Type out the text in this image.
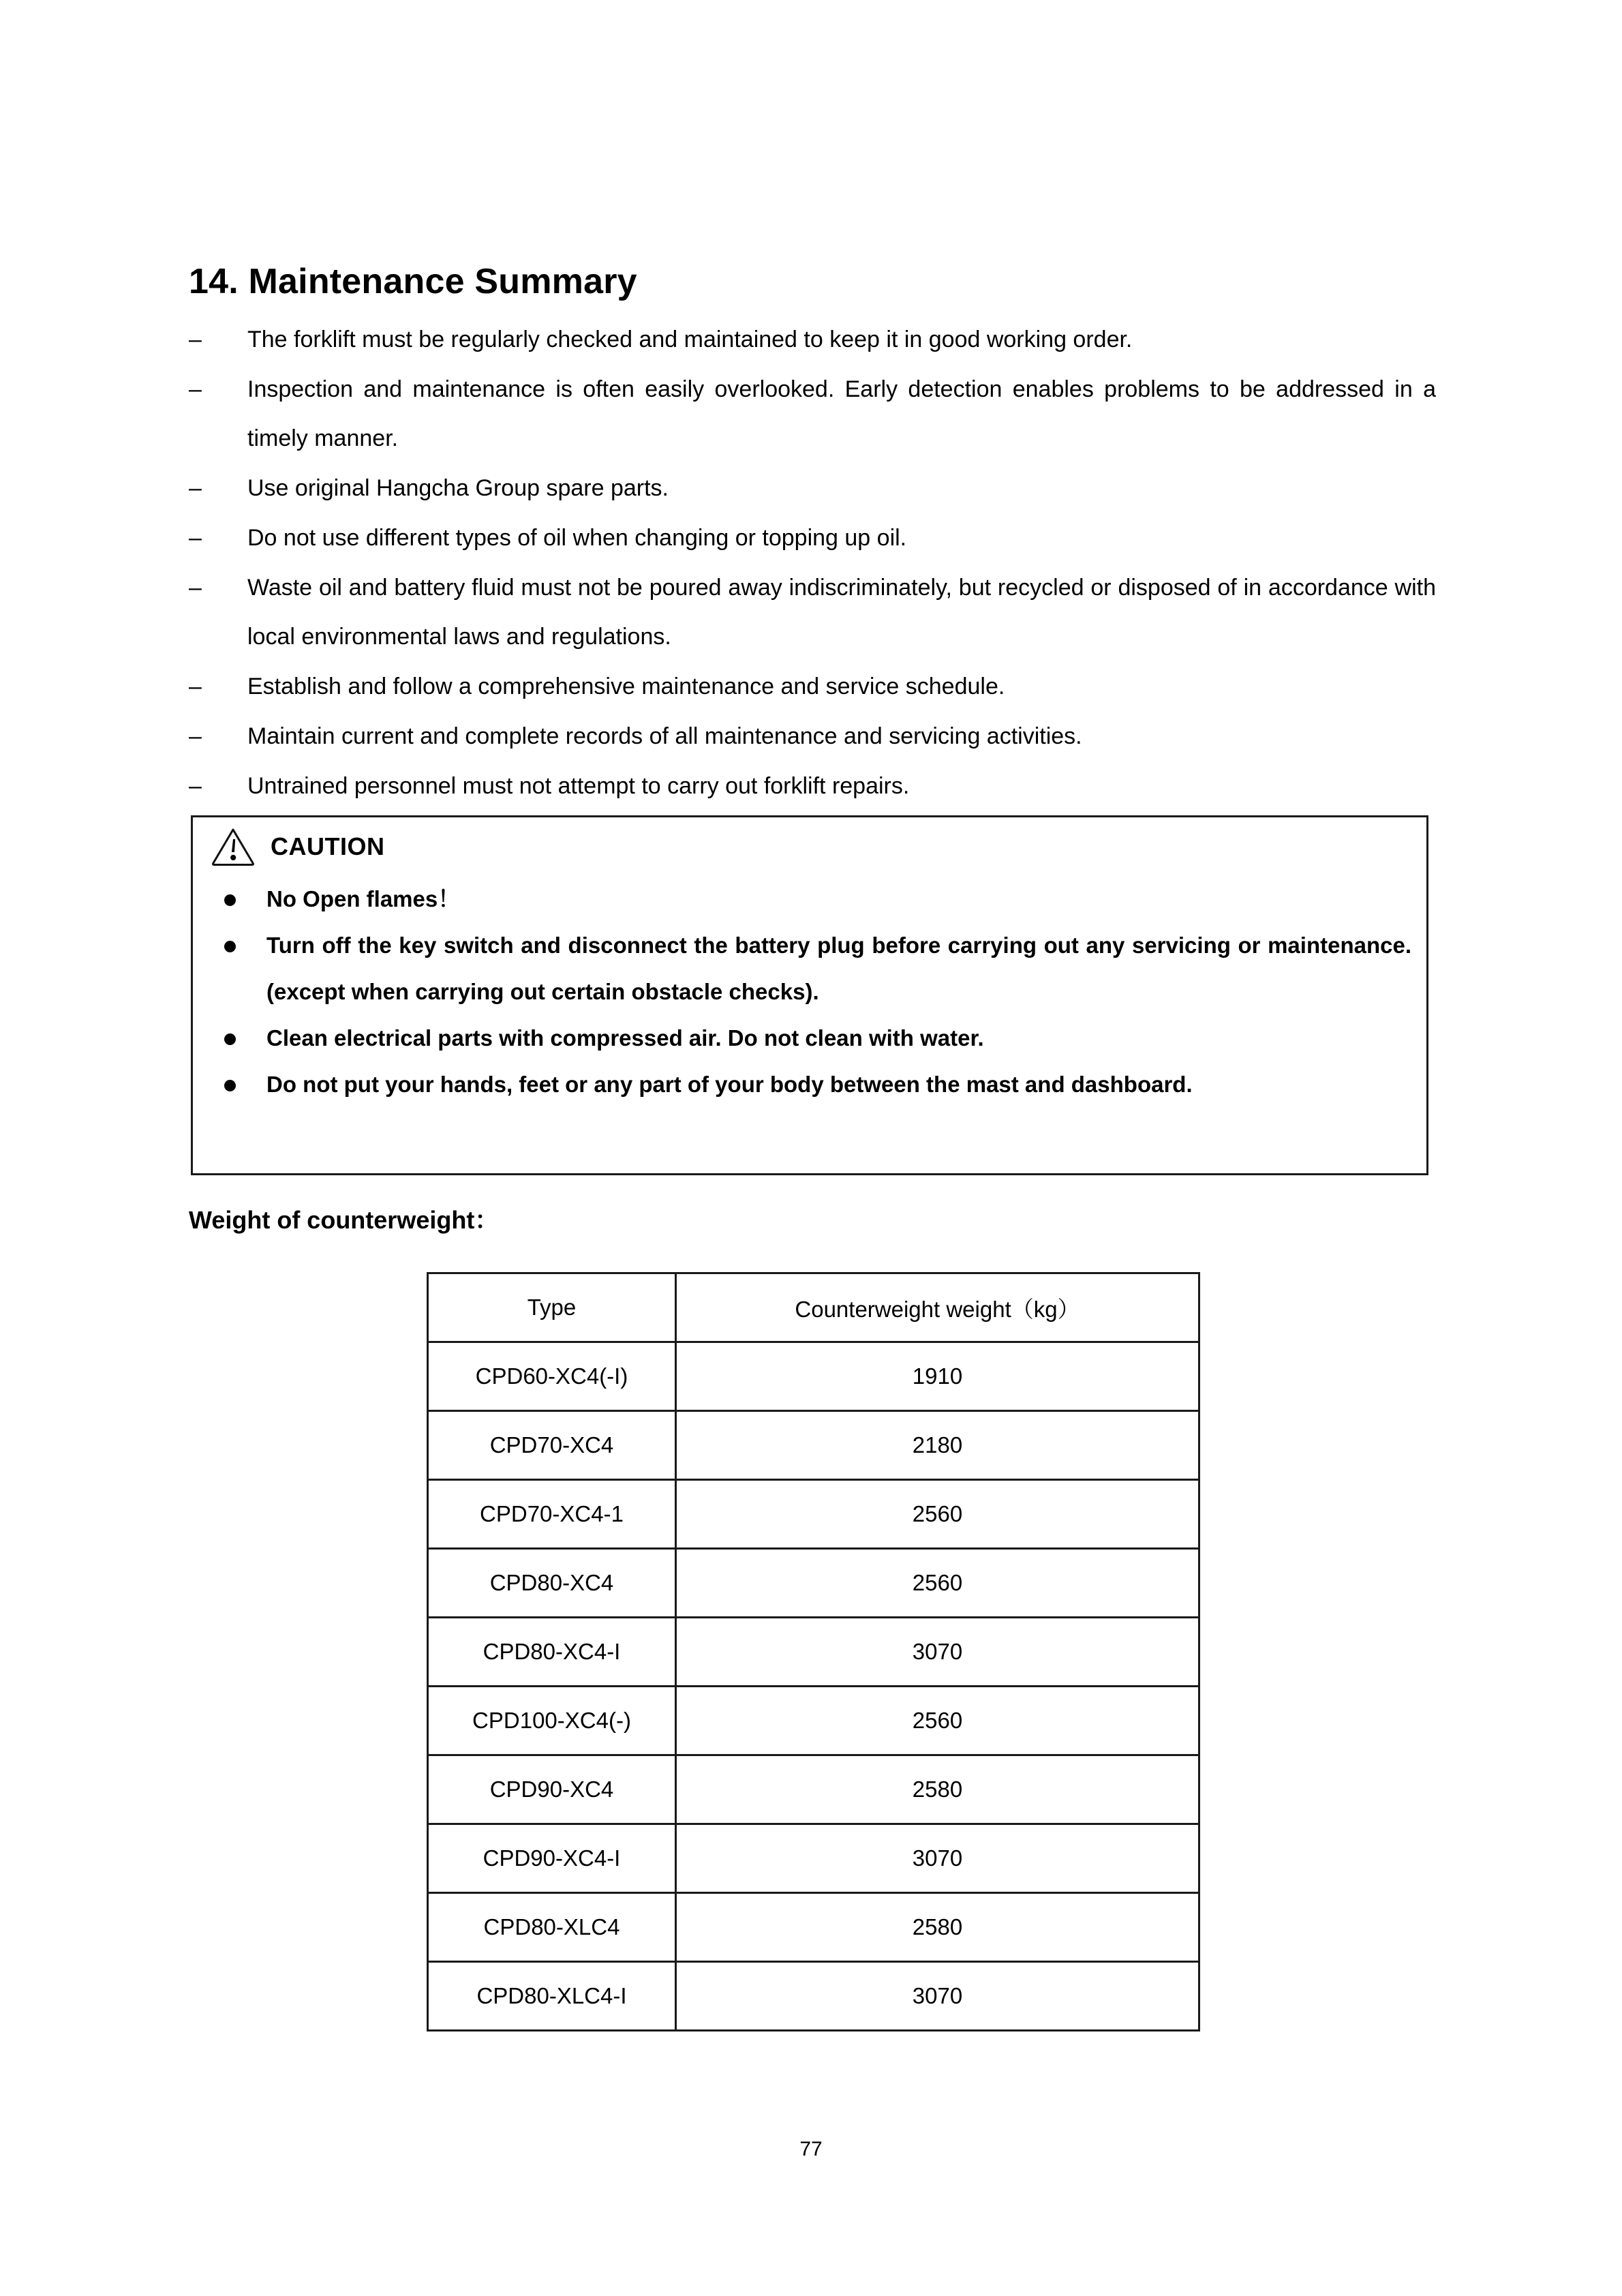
14. Maintenance Summary
– The forklift must be regularly checked and maintained to keep it in good working order.
– Inspection and maintenance is often easily overlooked. Early detection enables problems to be addressed in a timely manner.
– Use original Hangcha Group spare parts.
– Do not use different types of oil when changing or topping up oil.
– Waste oil and battery fluid must not be poured away indiscriminately, but recycled or disposed of in accordance with local environmental laws and regulations.
– Establish and follow a comprehensive maintenance and service schedule.
– Maintain current and complete records of all maintenance and servicing activities.
– Untrained personnel must not attempt to carry out forklift repairs.
CAUTION
No Open flames！
Turn off the key switch and disconnect the battery plug before carrying out any servicing or maintenance. (except when carrying out certain obstacle checks).
Clean electrical parts with compressed air. Do not clean with water.
Do not put your hands, feet or any part of your body between the mast and dashboard.
Weight of counterweight：
Type	Counterweight weight（kg）
CPD60-XC4(-I)	1910
CPD70-XC4	2180
CPD70-XC4-1	2560
CPD80-XC4	2560
CPD80-XC4-I	3070
CPD100-XC4(-)	2560
CPD90-XC4	2580
CPD90-XC4-I	3070
CPD80-XLC4	2580
CPD80-XLC4-I	3070
77
